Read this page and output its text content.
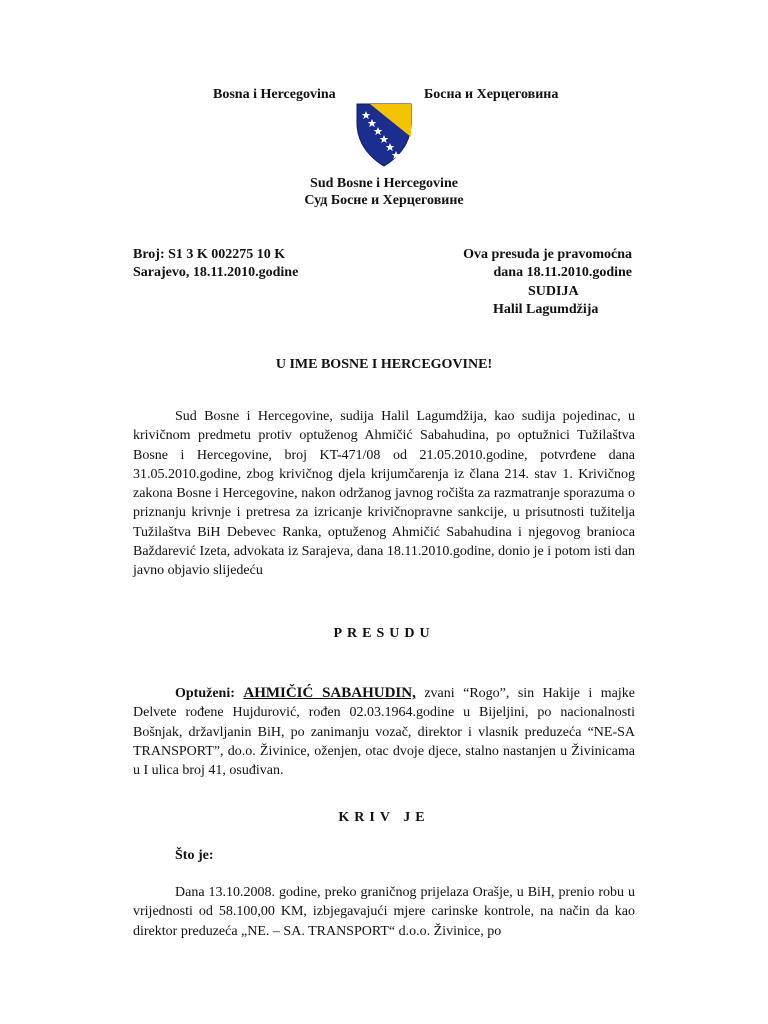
Bosna i Hercegovina	Босна и Херцеговина
Sud Bosne i Hercegovine
Суд Босне и Херцеговине
Broj: S1 3 K 002275 10 K
Sarajevo, 18.11.2010.godine
Ova presuda je pravomoćna
dana 18.11.2010.godine
SUDIJA
Halil Lagumdžija
U IME BOSNE I HERCEGOVINE!
Sud Bosne i Hercegovine, sudija Halil Lagumdžija, kao sudija pojedinac, u krivičnom predmetu protiv optuženog Ahmičić Sabahudina, po optužnici Tužilaštva Bosne i Hercegovine, broj KT-471/08 od 21.05.2010.godine, potvrđene dana 31.05.2010.godine, zbog krivičnog djela krijumčarenja iz člana 214. stav 1. Krivičnog zakona Bosne i Hercegovine, nakon održanog javnog ročišta za razmatranje sporazuma o priznanju krivnje i pretresa za izricanje krivičnopravne sankcije, u prisutnosti tužitelja Tužilaštva BiH Debevec Ranka, optuženog Ahmičić Sabahudina i njegovog branioca Baždarević Izeta, advokata iz Sarajeva, dana 18.11.2010.godine, donio je i potom isti dan javno objavio slijedeću
PRESUDU
Optuženi: AHMIČIĆ SABAHUDIN, zvani “Rogo”, sin Hakije i majke Delvete rođene Hujdurović, rođen 02.03.1964.godine u Bijeljini, po nacionalnosti Bošnjak, državljanin BiH, po zanimanju vozač, direktor i vlasnik preduzeća “NE-SA TRANSPORT”, do.o. Živinice, oženjen, otac dvoje djece, stalno nastanjen u Živinicama u I ulica broj 41, osuđivan.
KRIV JE
Što je:
Dana 13.10.2008. godine, preko graničnog prijelaza Orašje, u BiH, prenio robu u vrijednosti od 58.100,00 KM, izbjegavajući mjere carinske kontrole, na način da kao direktor preduzeća „NE. – SA. TRANSPORT“ d.o.o. Živinice, po
